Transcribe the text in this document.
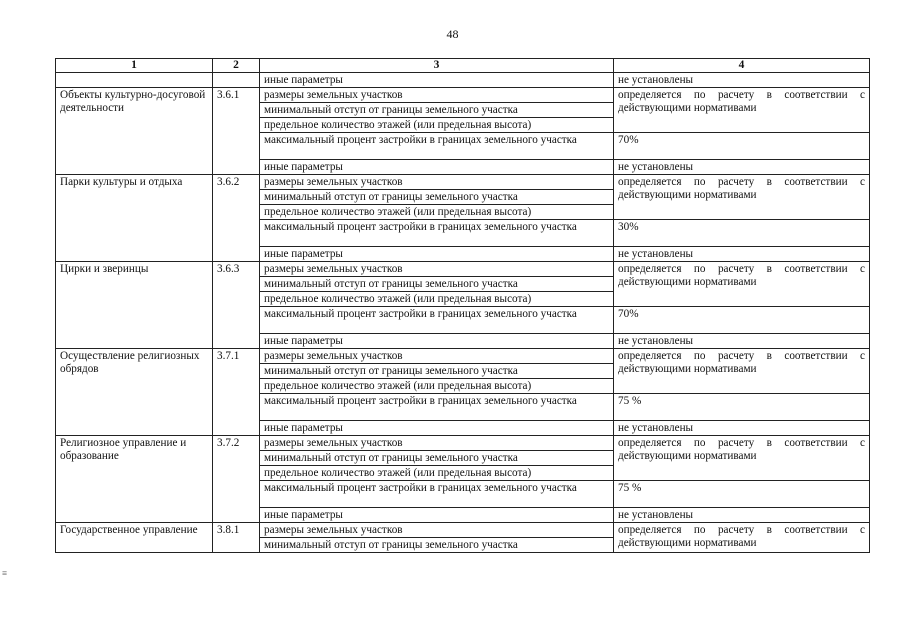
48
≡
1	2	3	4
		иные параметры	не установлены
Объекты культурно-досуговой деятельности	3.6.1	размеры земельных участков	определяется по расчету в соответствии с действующими нормативами
		минимальный отступ от границы земельного участка	
		предельное количество этажей (или предельная высота)	
		максимальный процент застройки в границах земельного участка	70%
		иные параметры	не установлены
Парки культуры и отдыха	3.6.2	размеры земельных участков	определяется по расчету в соответствии с действующими нормативами
		минимальный отступ от границы земельного участка	
		предельное количество этажей (или предельная высота)	
		максимальный процент застройки в границах земельного участка	30%
		иные параметры	не установлены
Цирки и зверинцы	3.6.3	размеры земельных участков	определяется по расчету в соответствии с действующими нормативами
		минимальный отступ от границы земельного участка	
		предельное количество этажей (или предельная высота)	
		максимальный процент застройки в границах земельного участка	70%
		иные параметры	не установлены
Осуществление религиозных обрядов	3.7.1	размеры земельных участков	определяется по расчету в соответствии с действующими нормативами
		минимальный отступ от границы земельного участка	
		предельное количество этажей (или предельная высота)	
		максимальный процент застройки в границах земельного участка	75 %
		иные параметры	не установлены
Религиозное управление и образование	3.7.2	размеры земельных участков	определяется по расчету в соответствии с действующими нормативами
		минимальный отступ от границы земельного участка	
		предельное количество этажей (или предельная высота)	
		максимальный процент застройки в границах земельного участка	75 %
		иные параметры	не установлены
Государственное управление	3.8.1	размеры земельных участков	определяется по расчету в соответствии с действующими нормативами
		минимальный отступ от границы земельного участка	
